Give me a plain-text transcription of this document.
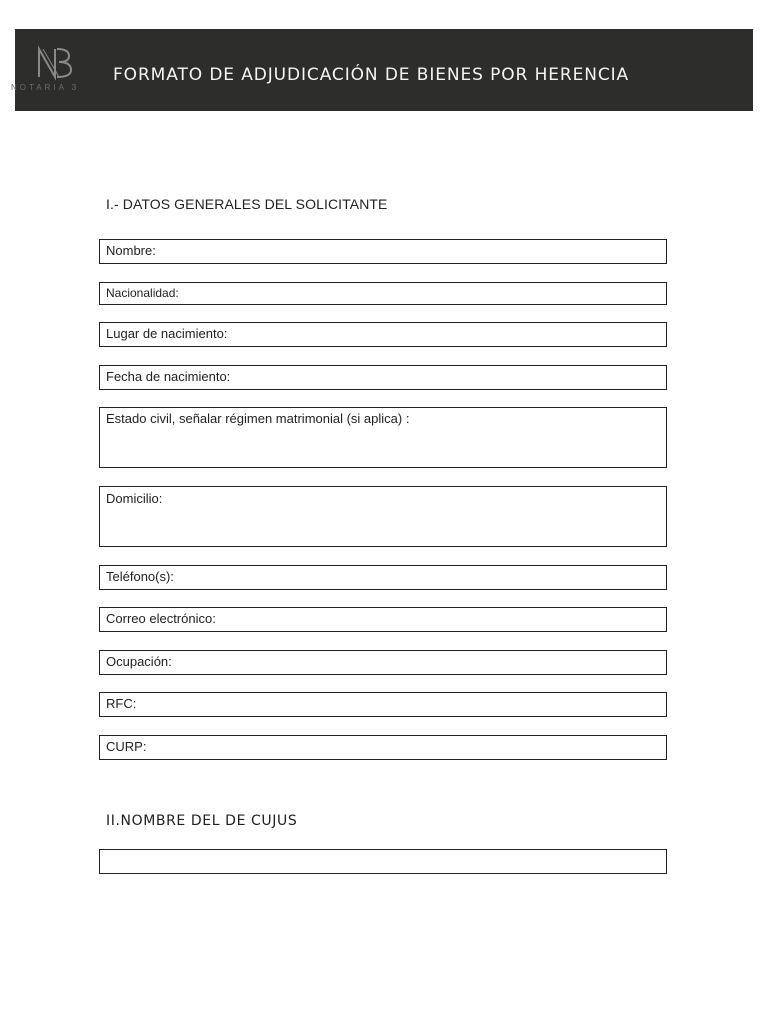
NOTARIA 3
FORMATO DE ADJUDICACIÓN DE BIENES POR HERENCIA
I.- DATOS GENERALES DEL SOLICITANTE
Nombre:
Nacionalidad:
Lugar de nacimiento:
Fecha de nacimiento:
Estado civil, señalar régimen matrimonial (si aplica) :
Domicilio:
Teléfono(s):
Correo electrónico:
Ocupación:
RFC:
CURP:
II.NOMBRE DEL DE CUJUS
